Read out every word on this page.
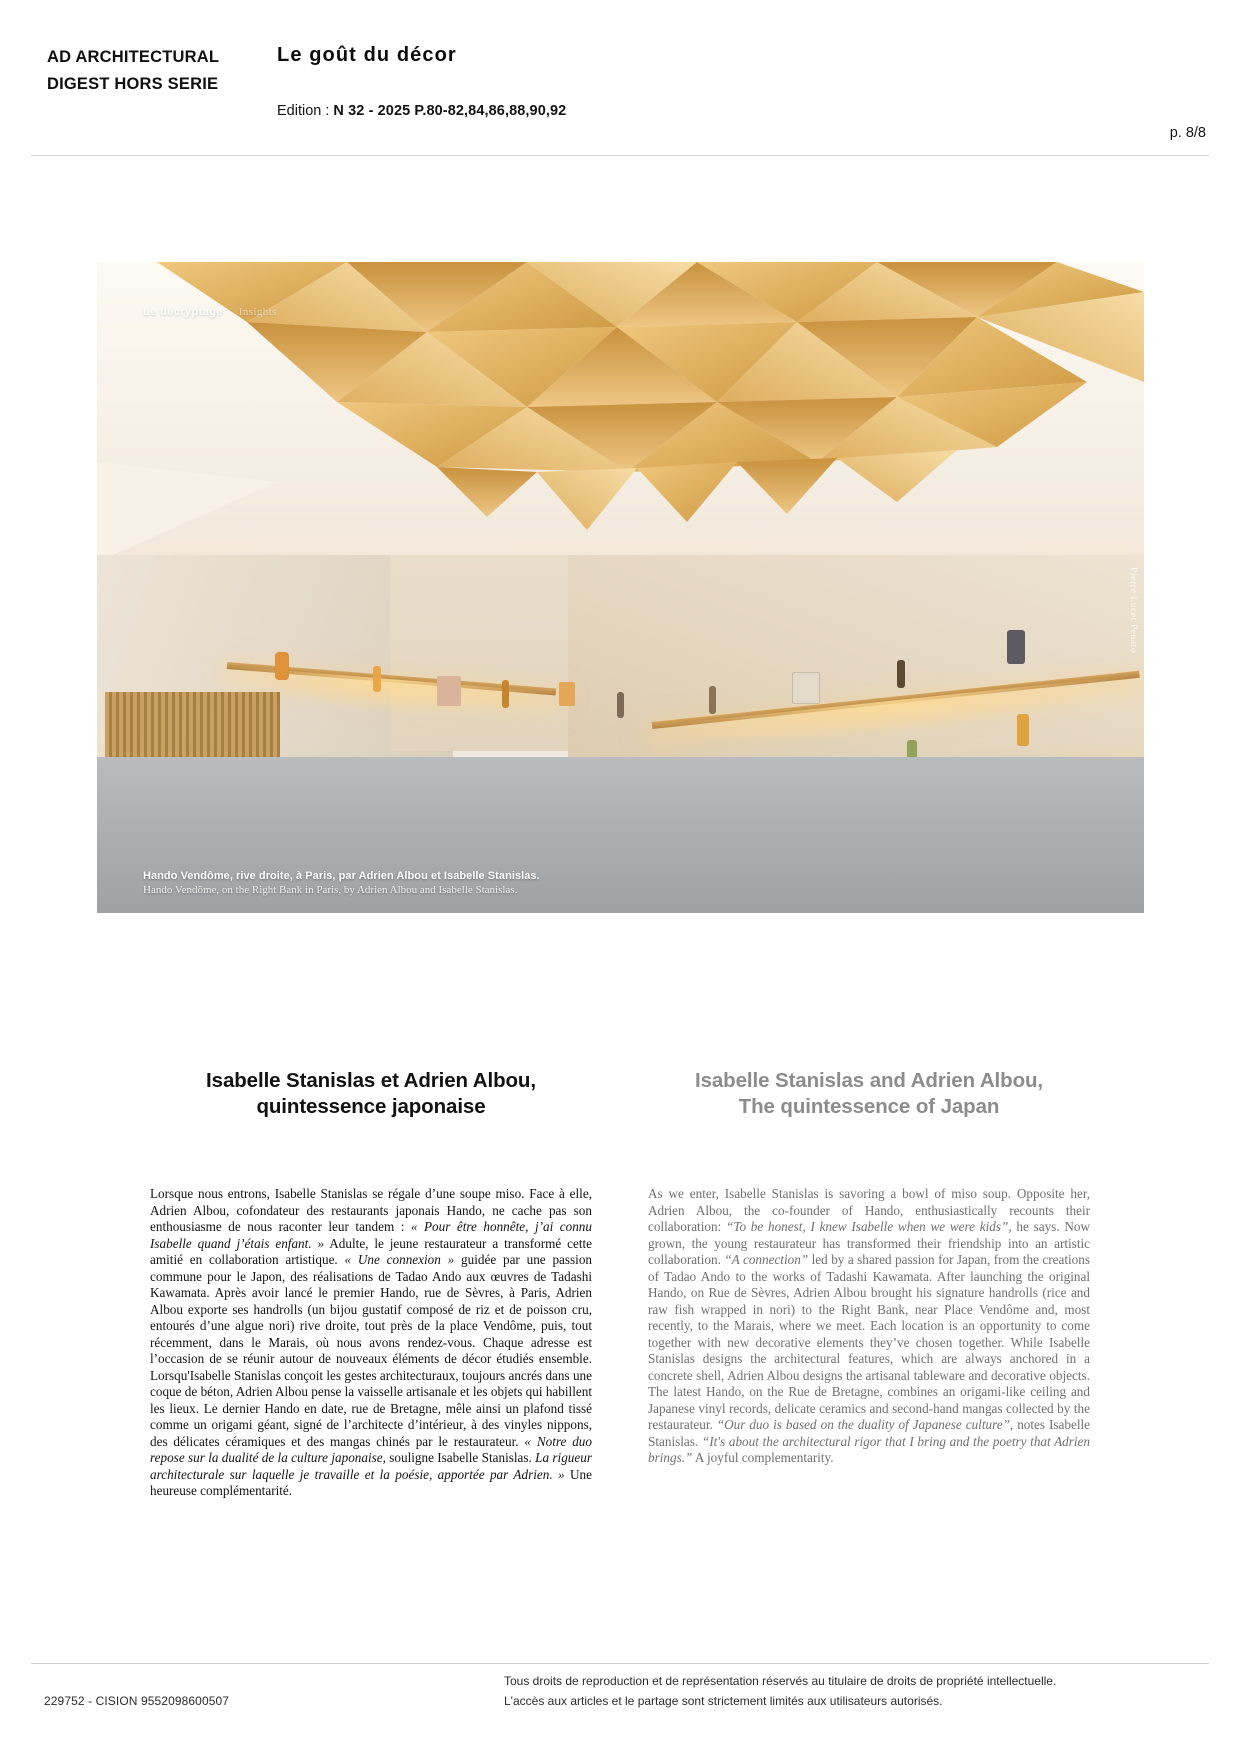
AD ARCHITECTURAL
DIGEST HORS SERIE
Le goût du décor
Edition : N 32 - 2025 P.80-82,84,86,88,90,92
p. 8/8
Le décryptage Insights
Pierre Lucet Penato
Hando Vendôme, rive droite, à Paris, par Adrien Albou et Isabelle Stanislas.
Hando Vendôme, on the Right Bank in Paris, by Adrien Albou and Isabelle Stanislas.
Isabelle Stanislas et Adrien Albou,
quintessence japonaise
Isabelle Stanislas and Adrien Albou,
The quintessence of Japan

Lorsque nous entrons, Isabelle Stanislas se régale d’une soupe miso. Face à elle, Adrien Albou, cofondateur des restaurants japonais Hando, ne cache pas son enthousiasme de nous raconter leur tandem : « Pour être honnête, j’ai connu Isabelle quand j’étais enfant. » Adulte, le jeune restaurateur a transformé cette amitié en collaboration artistique. « Une connexion » guidée par une passion commune pour le Japon, des réalisations de Tadao Ando aux œuvres de Tadashi Kawamata. Après avoir lancé le premier Hando, rue de Sèvres, à Paris, Adrien Albou exporte ses handrolls (un bijou gustatif composé de riz et de poisson cru, entourés d’une algue nori) rive droite, tout près de la place Vendôme, puis, tout récemment, dans le Marais, où nous avons rendez-vous. Chaque adresse est l’occasion de se réunir autour de nouveaux éléments de décor étudiés ensemble. Lorsqu'Isabelle Stanislas conçoit les gestes architecturaux, toujours ancrés dans une coque de béton, Adrien Albou pense la vaisselle artisanale et les objets qui habillent les lieux. Le dernier Hando en date, rue de Bretagne, mêle ainsi un plafond tissé comme un origami géant, signé de l’architecte d’intérieur, à des vinyles nippons, des délicates céramiques et des mangas chinés par le restaurateur. « Notre duo repose sur la dualité de la culture japonaise, souligne Isabelle Stanislas. La rigueur architecturale sur laquelle je travaille et la poésie, apportée par Adrien. » Une heureuse complémentarité.

As we enter, Isabelle Stanislas is savoring a bowl of miso soup. Opposite her, Adrien Albou, the co-founder of Hando, enthusiastically recounts their collaboration: “To be honest, I knew Isabelle when we were kids”, he says. Now grown, the young restaurateur has transformed their friendship into an artistic collaboration. “A connection” led by a shared passion for Japan, from the creations of Tadao Ando to the works of Tadashi Kawamata. After launching the original Hando, on Rue de Sèvres, Adrien Albou brought his signature handrolls (rice and raw fish wrapped in nori) to the Right Bank, near Place Vendôme and, most recently, to the Marais, where we meet. Each location is an opportunity to come together with new decorative elements they’ve chosen together. While Isabelle Stanislas designs the architectural features, which are always anchored in a concrete shell, Adrien Albou designs the artisanal tableware and decorative objects. The latest Hando, on the Rue de Bretagne, combines an origami-like ceiling and Japanese vinyl records, delicate ceramics and second-hand mangas collected by the restaurateur. “Our duo is based on the duality of Japanese culture”, notes Isabelle Stanislas. “It's about the architectural rigor that I bring and the poetry that Adrien brings.” A joyful complementarity.

229752 - CISION 9552098600507
Tous droits de reproduction et de représentation réservés au titulaire de droits de propriété intellectuelle.
L'accès aux articles et le partage sont strictement limités aux utilisateurs autorisés.
